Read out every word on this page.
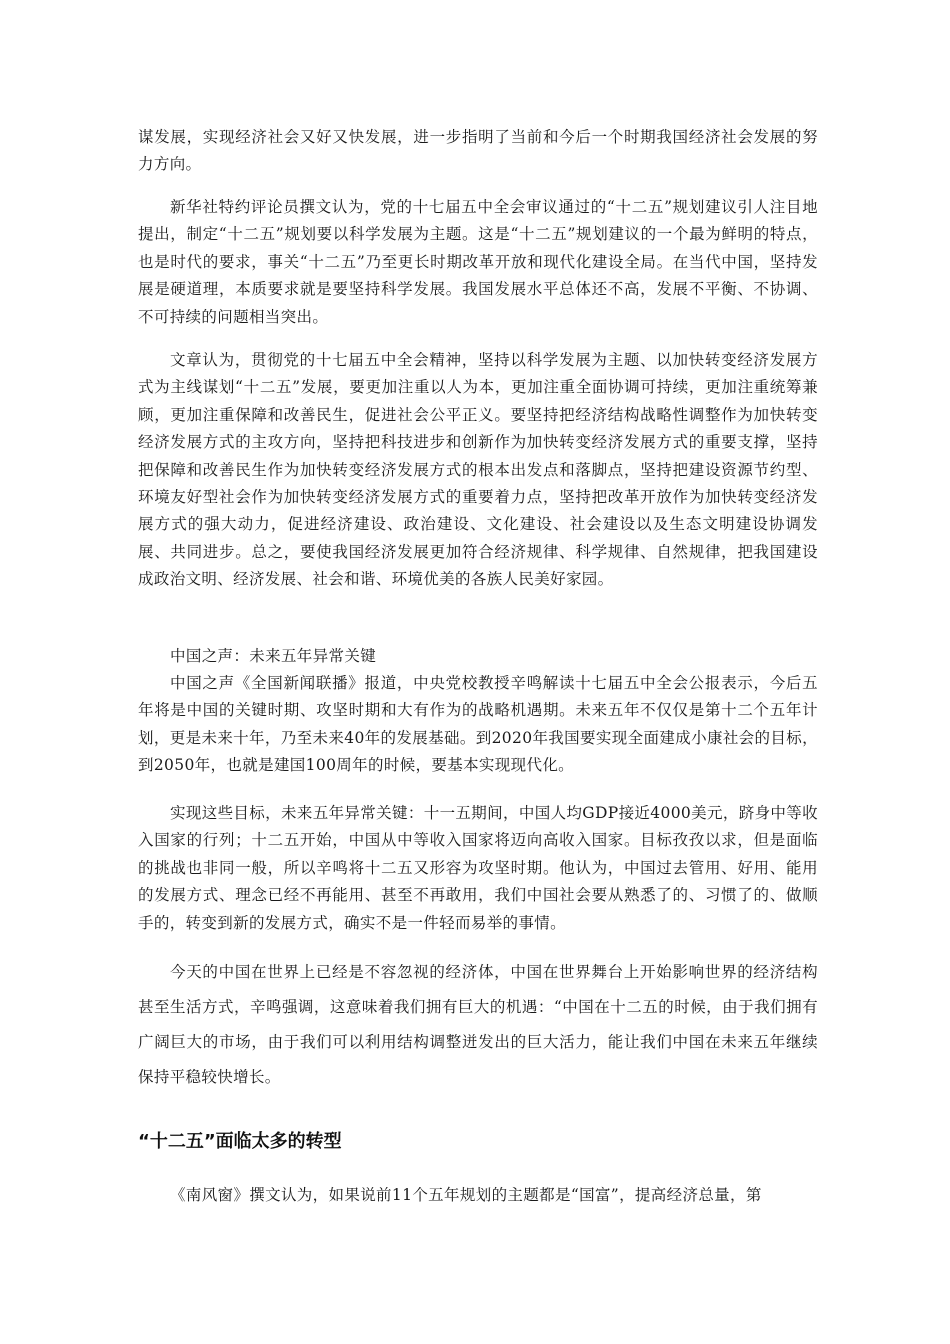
谋发展，实现经济社会又好又快发展，进一步指明了当前和今后一个时期我国经济社会发展的努力方向。

新华社特约评论员撰文认为，党的十七届五中全会审议通过的“十二五”规划建议引人注目地提出，制定“十二五”规划要以科学发展为主题。这是“十二五”规划建议的一个最为鲜明的特点，也是时代的要求，事关“十二五”乃至更长时期改革开放和现代化建设全局。在当代中国，坚持发展是硬道理，本质要求就是要坚持科学发展。我国发展水平总体还不高，发展不平衡、不协调、不可持续的问题相当突出。

文章认为，贯彻党的十七届五中全会精神，坚持以科学发展为主题、以加快转变经济发展方式为主线谋划“十二五”发展，要更加注重以人为本，更加注重全面协调可持续，更加注重统筹兼顾，更加注重保障和改善民生，促进社会公平正义。要坚持把经济结构战略性调整作为加快转变经济发展方式的主攻方向，坚持把科技进步和创新作为加快转变经济发展方式的重要支撑，坚持把保障和改善民生作为加快转变经济发展方式的根本出发点和落脚点，坚持把建设资源节约型、环境友好型社会作为加快转变经济发展方式的重要着力点，坚持把改革开放作为加快转变经济发展方式的强大动力，促进经济建设、政治建设、文化建设、社会建设以及生态文明建设协调发展、共同进步。总之，要使我国经济发展更加符合经济规律、科学规律、自然规律，把我国建设成政治文明、经济发展、社会和谐、环境优美的各族人民美好家园。

中国之声：未来五年异常关键

中国之声《全国新闻联播》报道，中央党校教授辛鸣解读十七届五中全会公报表示，今后五年将是中国的关键时期、攻坚时期和大有作为的战略机遇期。未来五年不仅仅是第十二个五年计划，更是未来十年，乃至未来40年的发展基础。到2020年我国要实现全面建成小康社会的目标，到2050年，也就是建国100周年的时候，要基本实现现代化。

实现这些目标，未来五年异常关键：十一五期间，中国人均GDP接近4000美元，跻身中等收入国家的行列；十二五开始，中国从中等收入国家将迈向高收入国家。目标孜孜以求，但是面临的挑战也非同一般，所以辛鸣将十二五又形容为攻坚时期。他认为，中国过去管用、好用、能用的发展方式、理念已经不再能用、甚至不再敢用，我们中国社会要从熟悉了的、习惯了的、做顺手的，转变到新的发展方式，确实不是一件轻而易举的事情。

今天的中国在世界上已经是不容忽视的经济体，中国在世界舞台上开始影响世界的经济结构甚至生活方式，辛鸣强调，这意味着我们拥有巨大的机遇：“中国在十二五的时候，由于我们拥有广阔巨大的市场，由于我们可以利用结构调整迸发出的巨大活力，能让我们中国在未来五年继续保持平稳较快增长。

“十二五”面临太多的转型

《南风窗》撰文认为，如果说前11个五年规划的主题都是“国富”，提高经济总量，第
